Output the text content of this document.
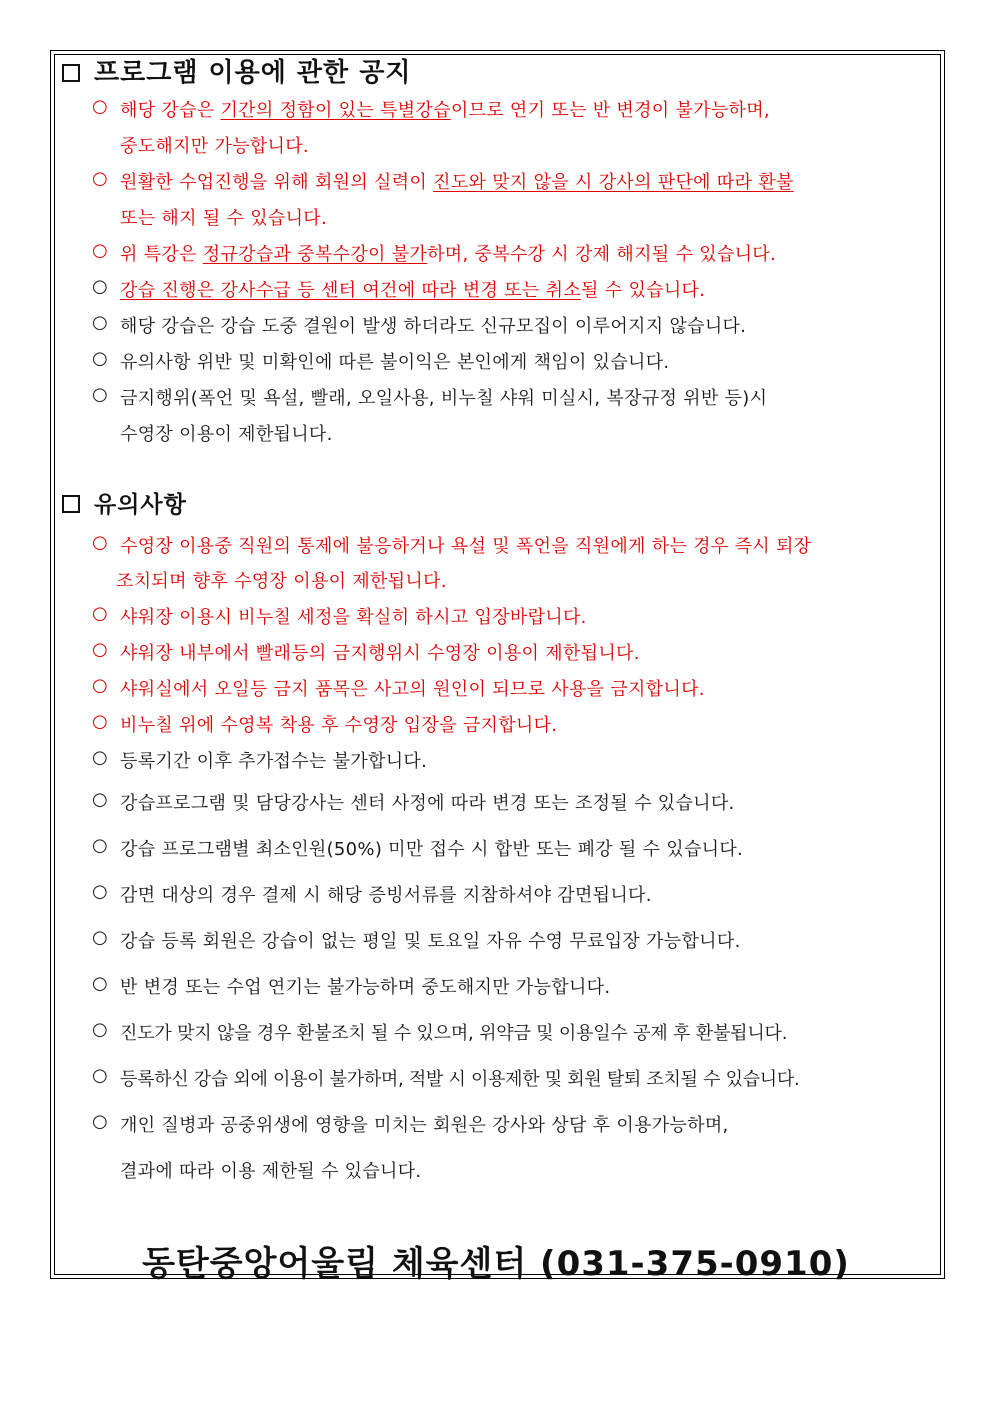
프로그램 이용에 관한 공지
○ 해당 강습은 기간의 정함이 있는 특별강습이므로 연기 또는 반 변경이 불가능하며,
중도해지만 가능합니다.
○ 원활한 수업진행을 위해 회원의 실력이 진도와 맞지 않을 시 강사의 판단에 따라 환불
또는 해지 될 수 있습니다.
○ 위 특강은 정규강습과 중복수강이 불가하며, 중복수강 시 강제 해지될 수 있습니다.
○ 강습 진행은 강사수급 등 센터 여건에 따라 변경 또는 취소될 수 있습니다.
○ 해당 강습은 강습 도중 결원이 발생 하더라도 신규모집이 이루어지지 않습니다.
○ 유의사항 위반 및 미확인에 따른 불이익은 본인에게 책임이 있습니다.
○ 금지행위(폭언 및 욕설, 빨래, 오일사용, 비누칠 샤워 미실시, 복장규정 위반 등)시
수영장 이용이 제한됩니다.
유의사항
○ 수영장 이용중 직원의 통제에 불응하거나 욕설 및 폭언을 직원에게 하는 경우 즉시 퇴장
조치되며 향후 수영장 이용이 제한됩니다.
○ 샤워장 이용시 비누칠 세정을 확실히 하시고 입장바랍니다.
○ 샤워장 내부에서 빨래등의 금지행위시 수영장 이용이 제한됩니다.
○ 샤워실에서 오일등 금지 품목은 사고의 원인이 되므로 사용을 금지합니다.
○ 비누칠 위에 수영복 착용 후 수영장 입장을 금지합니다.
○ 등록기간 이후 추가접수는 불가합니다.
○ 강습프로그램 및 담당강사는 센터 사정에 따라 변경 또는 조정될 수 있습니다.
○ 강습 프로그램별 최소인원(50%) 미만 접수 시 합반 또는 폐강 될 수 있습니다.
○ 감면 대상의 경우 결제 시 해당 증빙서류를 지참하셔야 감면됩니다.
○ 강습 등록 회원은 강습이 없는 평일 및 토요일 자유 수영 무료입장 가능합니다.
○ 반 변경 또는 수업 연기는 불가능하며 중도해지만 가능합니다.
○ 진도가 맞지 않을 경우 환불조치 될 수 있으며, 위약금 및 이용일수 공제 후 환불됩니다.
○ 등록하신 강습 외에 이용이 불가하며, 적발 시 이용제한 및 회원 탈퇴 조치될 수 있습니다.
○ 개인 질병과 공중위생에 영향을 미치는 회원은 강사와 상담 후 이용가능하며,
결과에 따라 이용 제한될 수 있습니다.
동탄중앙어울림 체육센터 (031-375-0910)
